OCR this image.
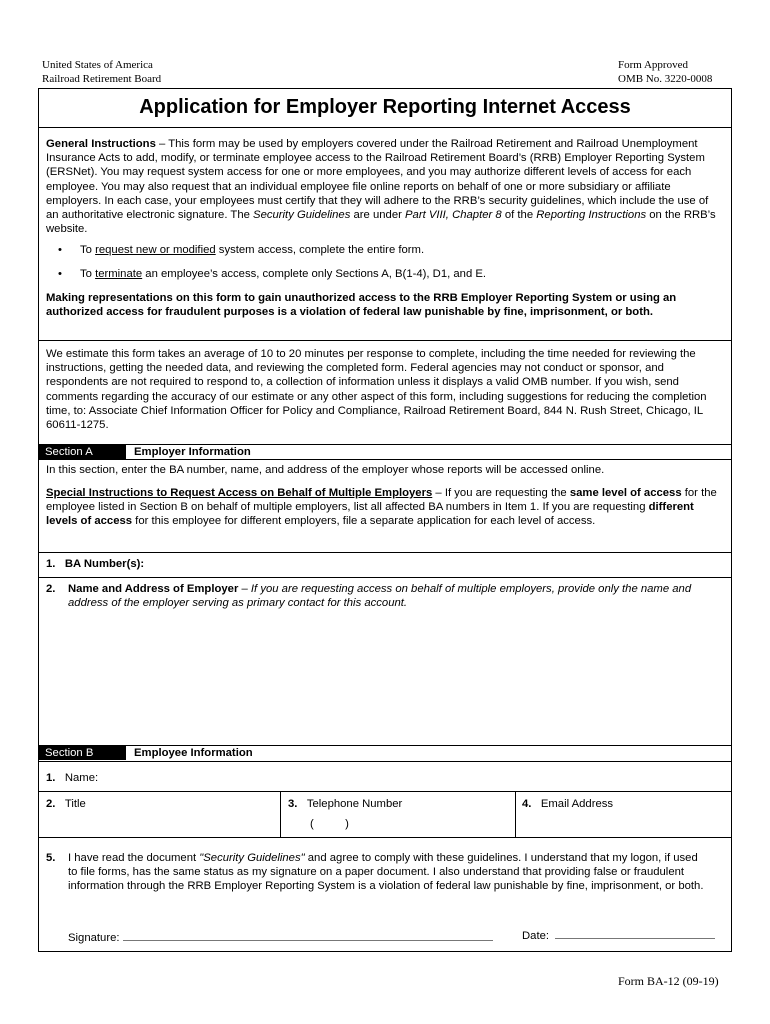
United States of America
Railroad Retirement Board
Form Approved
OMB No. 3220-0008
Application for Employer Reporting Internet Access
General Instructions – This form may be used by employers covered under the Railroad Retirement and Railroad Unemployment Insurance Acts to add, modify, or terminate employee access to the Railroad Retirement Board’s (RRB) Employer Reporting System (ERSNet). You may request system access for one or more employees, and you may authorize different levels of access for each employee. You may also request that an individual employee file online reports on behalf of one or more subsidiary or affiliate employers. In each case, your employees must certify that they will adhere to the RRB’s security guidelines, which include the use of an authoritative electronic signature. The Security Guidelines are under Part VIII, Chapter 8 of the Reporting Instructions on the RRB’s website.
• To request new or modified system access, complete the entire form.
• To terminate an employee’s access, complete only Sections A, B(1-4), D1, and E.
Making representations on this form to gain unauthorized access to the RRB Employer Reporting System or using an authorized access for fraudulent purposes is a violation of federal law punishable by fine, imprisonment, or both.
We estimate this form takes an average of 10 to 20 minutes per response to complete, including the time needed for reviewing the instructions, getting the needed data, and reviewing the completed form. Federal agencies may not conduct or sponsor, and respondents are not required to respond to, a collection of information unless it displays a valid OMB number. If you wish, send comments regarding the accuracy of our estimate or any other aspect of this form, including suggestions for reducing the completion time, to: Associate Chief Information Officer for Policy and Compliance, Railroad Retirement Board, 844 N. Rush Street, Chicago, IL 60611-1275.
Section A	Employer Information
In this section, enter the BA number, name, and address of the employer whose reports will be accessed online.
Special Instructions to Request Access on Behalf of Multiple Employers – If you are requesting the same level of access for the employee listed in Section B on behalf of multiple employers, list all affected BA numbers in Item 1. If you are requesting different levels of access for this employee for different employers, file a separate application for each level of access.
1. BA Number(s):
2. Name and Address of Employer – If you are requesting access on behalf of multiple employers, provide only the name and address of the employer serving as primary contact for this account.
Section B	Employee Information
1. Name:
2. Title	3. Telephone Number
(          )
4. Email Address
5. I have read the document "Security Guidelines" and agree to comply with these guidelines. I understand that my logon, if used to file forms, has the same status as my signature on a paper document. I also understand that providing false or fraudulent information through the RRB Employer Reporting System is a violation of federal law punishable by fine, imprisonment, or both.
Signature:	Date:
Form BA-12 (09-19)
